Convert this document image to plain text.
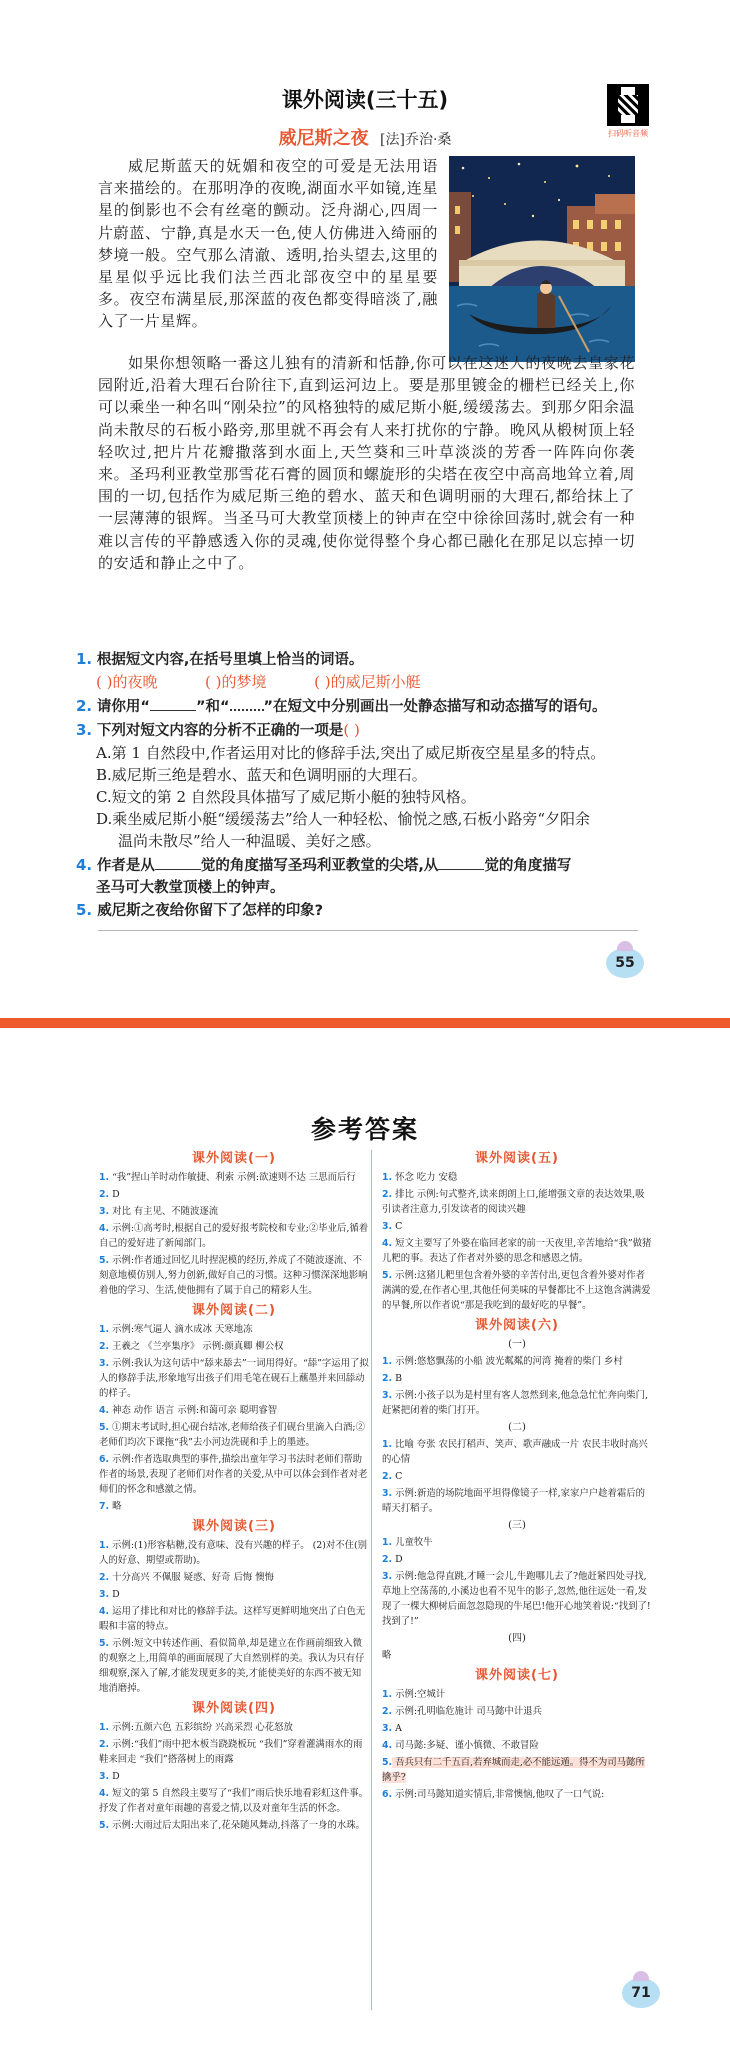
课外阅读(三十五)
扫码听音频
威尼斯之夜 [法]乔治·桑
威尼斯蓝天的妩媚和夜空的可爱是无法用语言来描绘的。在那明净的夜晚,湖面水平如镜,连星星的倒影也不会有丝毫的颤动。泛舟湖心,四周一片蔚蓝、宁静,真是水天一色,使人仿佛进入绮丽的梦境一般。空气那么清澈、透明,抬头望去,这里的星星似乎远比我们法兰西北部夜空中的星星要多。夜空布满星辰,那深蓝的夜色都变得暗淡了,融入了一片星辉。
如果你想领略一番这儿独有的清新和恬静,你可以在这迷人的夜晚去皇家花园附近,沿着大理石台阶往下,直到运河边上。要是那里镀金的栅栏已经关上,你可以乘坐一种名叫“刚朵拉”的风格独特的威尼斯小艇,缓缓荡去。到那夕阳余温尚未散尽的石板小路旁,那里就不再会有人来打扰你的宁静。晚风从椴树顶上轻轻吹过,把片片花瓣撒落到水面上,天竺葵和三叶草淡淡的芳香一阵阵向你袭来。圣玛利亚教堂那雪花石膏的圆顶和螺旋形的尖塔在夜空中高高地耸立着,周围的一切,包括作为威尼斯三绝的碧水、蓝天和色调明丽的大理石,都给抹上了一层薄薄的银辉。当圣马可大教堂顶楼上的钟声在空中徐徐回荡时,就会有一种难以言传的平静感透入你的灵魂,使你觉得整个身心都已融化在那足以忘掉一切的安适和静止之中了。
1. 根据短文内容,在括号里填上恰当的词语。
( )的夜晚	( )的梦境	( )的威尼斯小艇
2. 请你用“	”和“ ”在短文中分别画出一处静态描写和动态描写的语句。
3. 下列对短文内容的分析不正确的一项是( )
A.第 1 自然段中,作者运用对比的修辞手法,突出了威尼斯夜空星星多的特点。
B.威尼斯三绝是碧水、蓝天和色调明丽的大理石。
C.短文的第 2 自然段具体描写了威尼斯小艇的独特风格。
D.乘坐威尼斯小艇“缓缓荡去”给人一种轻松、愉悦之感,石板小路旁“夕阳余
温尚未散尽”给人一种温暖、美好之感。
4. 作者是从	觉的角度描写圣玛利亚教堂的尖塔,从	觉的角度描写
圣马可大教堂顶楼上的钟声。
5. 威尼斯之夜给你留下了怎样的印象?
55
参考答案
课外阅读(一)
1. “我”捏山羊时动作敏捷、利索 示例:欲速则不达 三思而后行
2. D
3. 对比 有主见、不随波逐流
4. 示例:①高考时,根据自己的爱好报考院校和专业;②毕业后,循着自己的爱好进了新闻部门。
5. 示例:作者通过回忆儿时捏泥模的经历,养成了不随波逐流、不刻意地模仿别人,努力创新,做好自己的习惯。这种习惯深深地影响着他的学习、生活,使他拥有了属于自己的精彩人生。
课外阅读(二)
1. 示例:寒气逼人 滴水成冰 天寒地冻
2. 王羲之 《兰亭集序》 示例:颜真卿 柳公权
3. 示例:我认为这句话中“舔来舔去”一词用得好。“舔”字运用了拟人的修辞手法,形象地写出孩子们用毛笔在砚石上蘸墨并来回舔动的样子。
4. 神态 动作 语言 示例:和蔼可亲 聪明睿智
5. ①期末考试时,担心砚台结冰,老师给孩子们砚台里滴入白酒;②老师们均次下课拖“我”去小河边洗砚和手上的墨迹。
6. 示例:作者选取典型的事件,描绘出童年学习书法时老师们帮助作者的场景,表现了老师们对作者的关爱,从中可以体会到作者对老师们的怀念和感激之情。
7. 略
课外阅读(三)
1. 示例:(1)形容粘糖,没有意味、没有兴趣的样子。 (2)对不住(别人的好意、期望或帮助)。
2. 十分高兴 不佩服 疑惑、好奇 后悔 懊悔
3. D
4. 运用了排比和对比的修辞手法。这样写更鲜明地突出了白色无暇和丰富的特点。
5. 示例:短文中转述作画、看似简单,却是建立在作画前细致入微的观察之上,用简单的画面展现了大自然别样的美。我认为只有仔细观察,深入了解,才能发现更多的美,才能使美好的东西不被无知地消磨掉。
课外阅读(四)
1. 示例:五颜六色 五彩缤纷 兴高采烈 心花怒放
2. 示例:“我们”雨中把木板当跷跷板玩 “我们”穿着灌满雨水的雨鞋来回走 “我们”搭落树上的雨露
3. D
4. 短文的第 5 自然段主要写了“我们”雨后快乐地看彩虹这件事。抒发了作者对童年雨趣的喜爱之情,以及对童年生活的怀念。
5. 示例:大雨过后太阳出来了,花朵随风舞动,抖落了一身的水珠。
课外阅读(五)
1. 怀念 吃力 安稳
2. 排比 示例:句式整齐,读来朗朗上口,能增强文章的表达效果,吸引读者注意力,引发读者的阅读兴趣
3. C
4. 短文主要写了外婆在临回老家的前一天夜里,辛苦地给“我”做猪儿粑的事。表达了作者对外婆的思念和感恩之情。
5. 示例:这猪儿粑里包含着外婆的辛苦付出,更包含着外婆对作者满满的爱,在作者心里,其他任何美味的早餐都比不上这饱含满满爱的早餐,所以作者说“那是我吃到的最好吃的早餐”。
课外阅读(六)
(一)
1. 示例:悠悠飘荡的小船 波光粼粼的河湾 掩着的柴门 乡村
2. B
3. 示例:小孩子以为是村里有客人忽然到来,他急急忙忙奔向柴门,赶紧把闭着的柴门打开。
(二)
1. 比喻 夸张 农民打稻声、笑声、歌声融成一片 农民丰收时高兴的心情
2. C
3. 示例:新造的场院地面平坦得像镜子一样,家家户户趁着霜后的晴天打稻子。
(三)
1. 儿童牧牛
2. D
3. 示例:他急得直跳,才睡一会儿,牛跑哪儿去了?他赶紧四处寻找,草地上空荡荡的,小溪边也看不见牛的影子,忽然,他往远处一看,发现了一棵大柳树后面忽忽隐现的牛尾巴!他开心地笑着说:“找到了!找到了!”
(四)
略
课外阅读(七)
1. 示例:空城计
2. 示例:孔明临危施计 司马懿中计退兵
3. A
4. 司马懿:多疑、谨小慎微、不敢冒险
5. 吾兵只有二千五百,若弃城而走,必不能远遁。得不为司马懿所擒乎?
6. 示例:司马懿知道实情后,非常懊恼,他叹了一口气说:
71
